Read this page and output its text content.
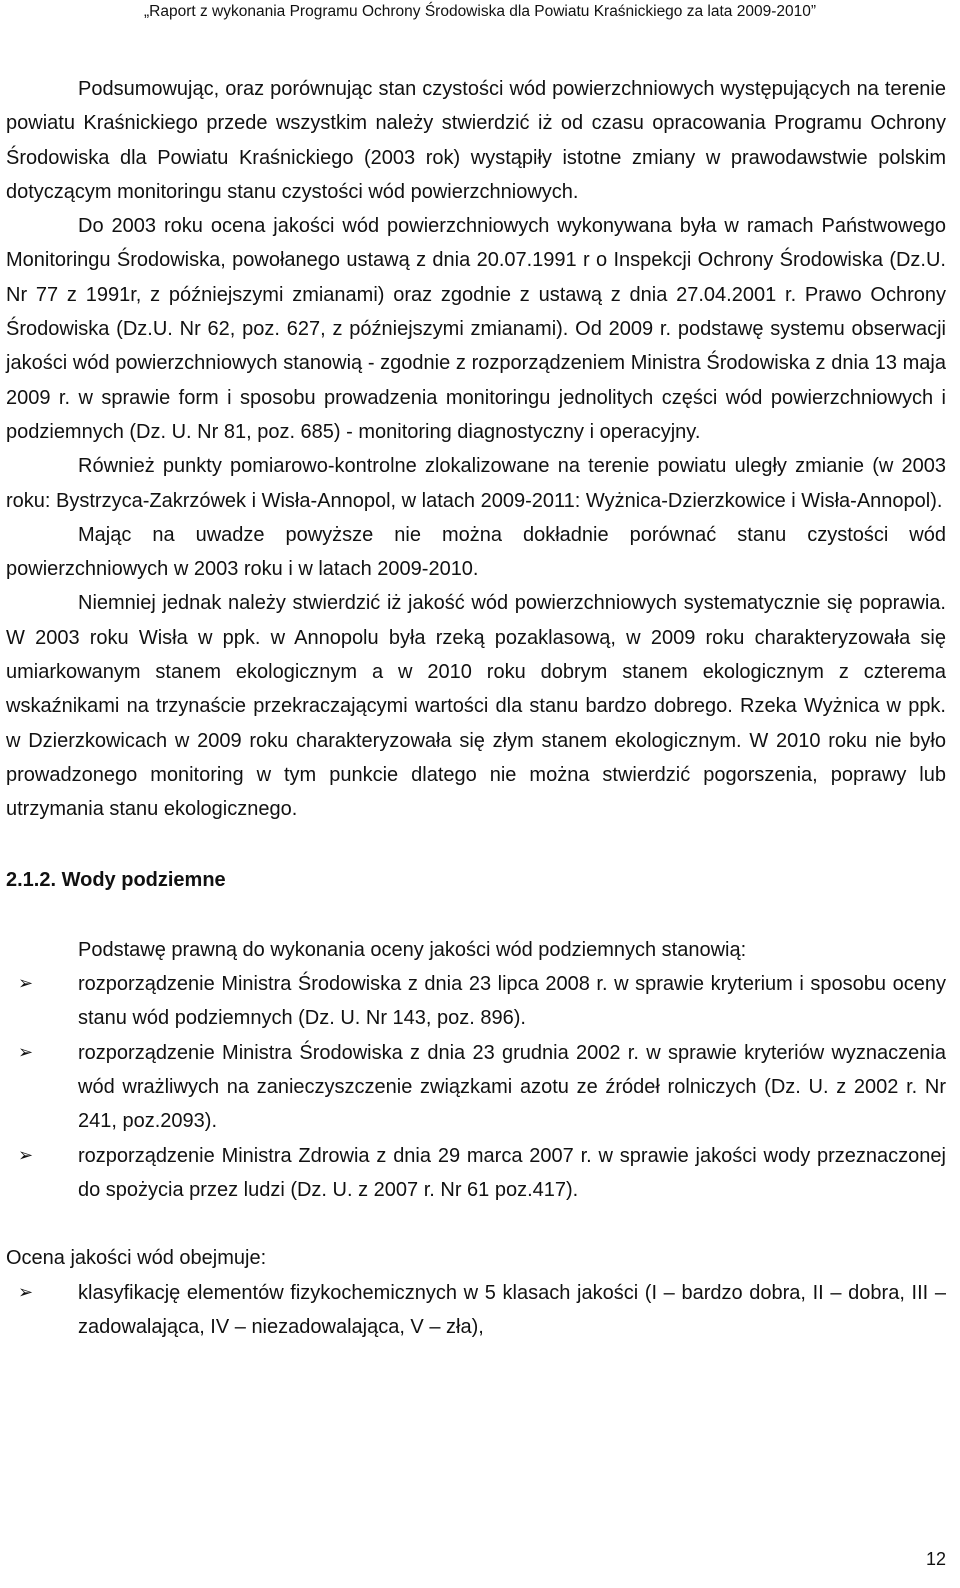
„Raport z wykonania Programu Ochrony Środowiska dla Powiatu Kraśnickiego za lata 2009-2010”

Podsumowując, oraz porównując stan czystości wód powierzchniowych występujących na terenie powiatu Kraśnickiego przede wszystkim należy stwierdzić iż od czasu opracowania Programu Ochrony Środowiska dla Powiatu Kraśnickiego (2003 rok) wystąpiły istotne zmiany w prawodawstwie polskim dotyczącym monitoringu stanu czystości wód powierzchniowych.

Do 2003 roku ocena jakości wód powierzchniowych wykonywana była w ramach Państwowego Monitoringu Środowiska, powołanego ustawą z dnia 20.07.1991 r o Inspekcji Ochrony Środowiska (Dz.U. Nr 77 z 1991r, z późniejszymi zmianami) oraz zgodnie z ustawą z dnia 27.04.2001 r. Prawo Ochrony Środowiska (Dz.U. Nr 62, poz. 627, z późniejszymi zmianami). Od 2009 r. podstawę systemu obserwacji jakości wód powierzchniowych stanowią - zgodnie z rozporządzeniem Ministra Środowiska z dnia 13 maja 2009 r. w sprawie form i sposobu prowadzenia monitoringu jednolitych części wód powierzchniowych i podziemnych (Dz. U. Nr 81, poz. 685) - monitoring diagnostyczny i operacyjny.

Również punkty pomiarowo-kontrolne zlokalizowane na terenie powiatu uległy zmianie (w 2003 roku: Bystrzyca-Zakrzówek i Wisła-Annopol, w latach 2009-2011: Wyżnica-Dzierzkowice i Wisła-Annopol).

Mając na uwadze powyższe nie można dokładnie porównać stanu czystości wód powierzchniowych w 2003 roku i w latach 2009-2010.

Niemniej jednak należy stwierdzić iż jakość wód powierzchniowych systematycznie się poprawia. W 2003 roku Wisła w ppk. w Annopolu była rzeką pozaklasową, w 2009 roku charakteryzowała się umiarkowanym stanem ekologicznym a w 2010 roku dobrym stanem ekologicznym z czterema wskaźnikami na trzynaście przekraczającymi wartości dla stanu bardzo dobrego. Rzeka Wyżnica w ppk. w Dzierzkowicach w 2009 roku charakteryzowała się złym stanem ekologicznym. W 2010 roku nie było prowadzonego monitoring w tym punkcie dlatego nie można stwierdzić pogorszenia, poprawy lub utrzymania stanu ekologicznego.

2.1.2. Wody podziemne

Podstawę prawną do wykonania oceny jakości wód podziemnych stanowią:

➢ rozporządzenie Ministra Środowiska z dnia 23 lipca 2008 r. w sprawie kryterium i sposobu oceny stanu wód podziemnych (Dz. U. Nr 143, poz. 896).
➢ rozporządzenie Ministra Środowiska z dnia 23 grudnia 2002 r. w sprawie kryteriów wyznaczenia wód wrażliwych na zanieczyszczenie związkami azotu ze źródeł rolniczych (Dz. U. z 2002 r. Nr 241, poz.2093).
➢ rozporządzenie Ministra Zdrowia z dnia 29 marca 2007 r. w sprawie jakości wody przeznaczonej do spożycia przez ludzi (Dz. U. z 2007 r. Nr 61 poz.417).

Ocena jakości wód obejmuje:

➢ klasyfikację elementów fizykochemicznych w 5 klasach jakości (I – bardzo dobra, II – dobra, III – zadowalająca, IV – niezadowalająca, V – zła),
12
